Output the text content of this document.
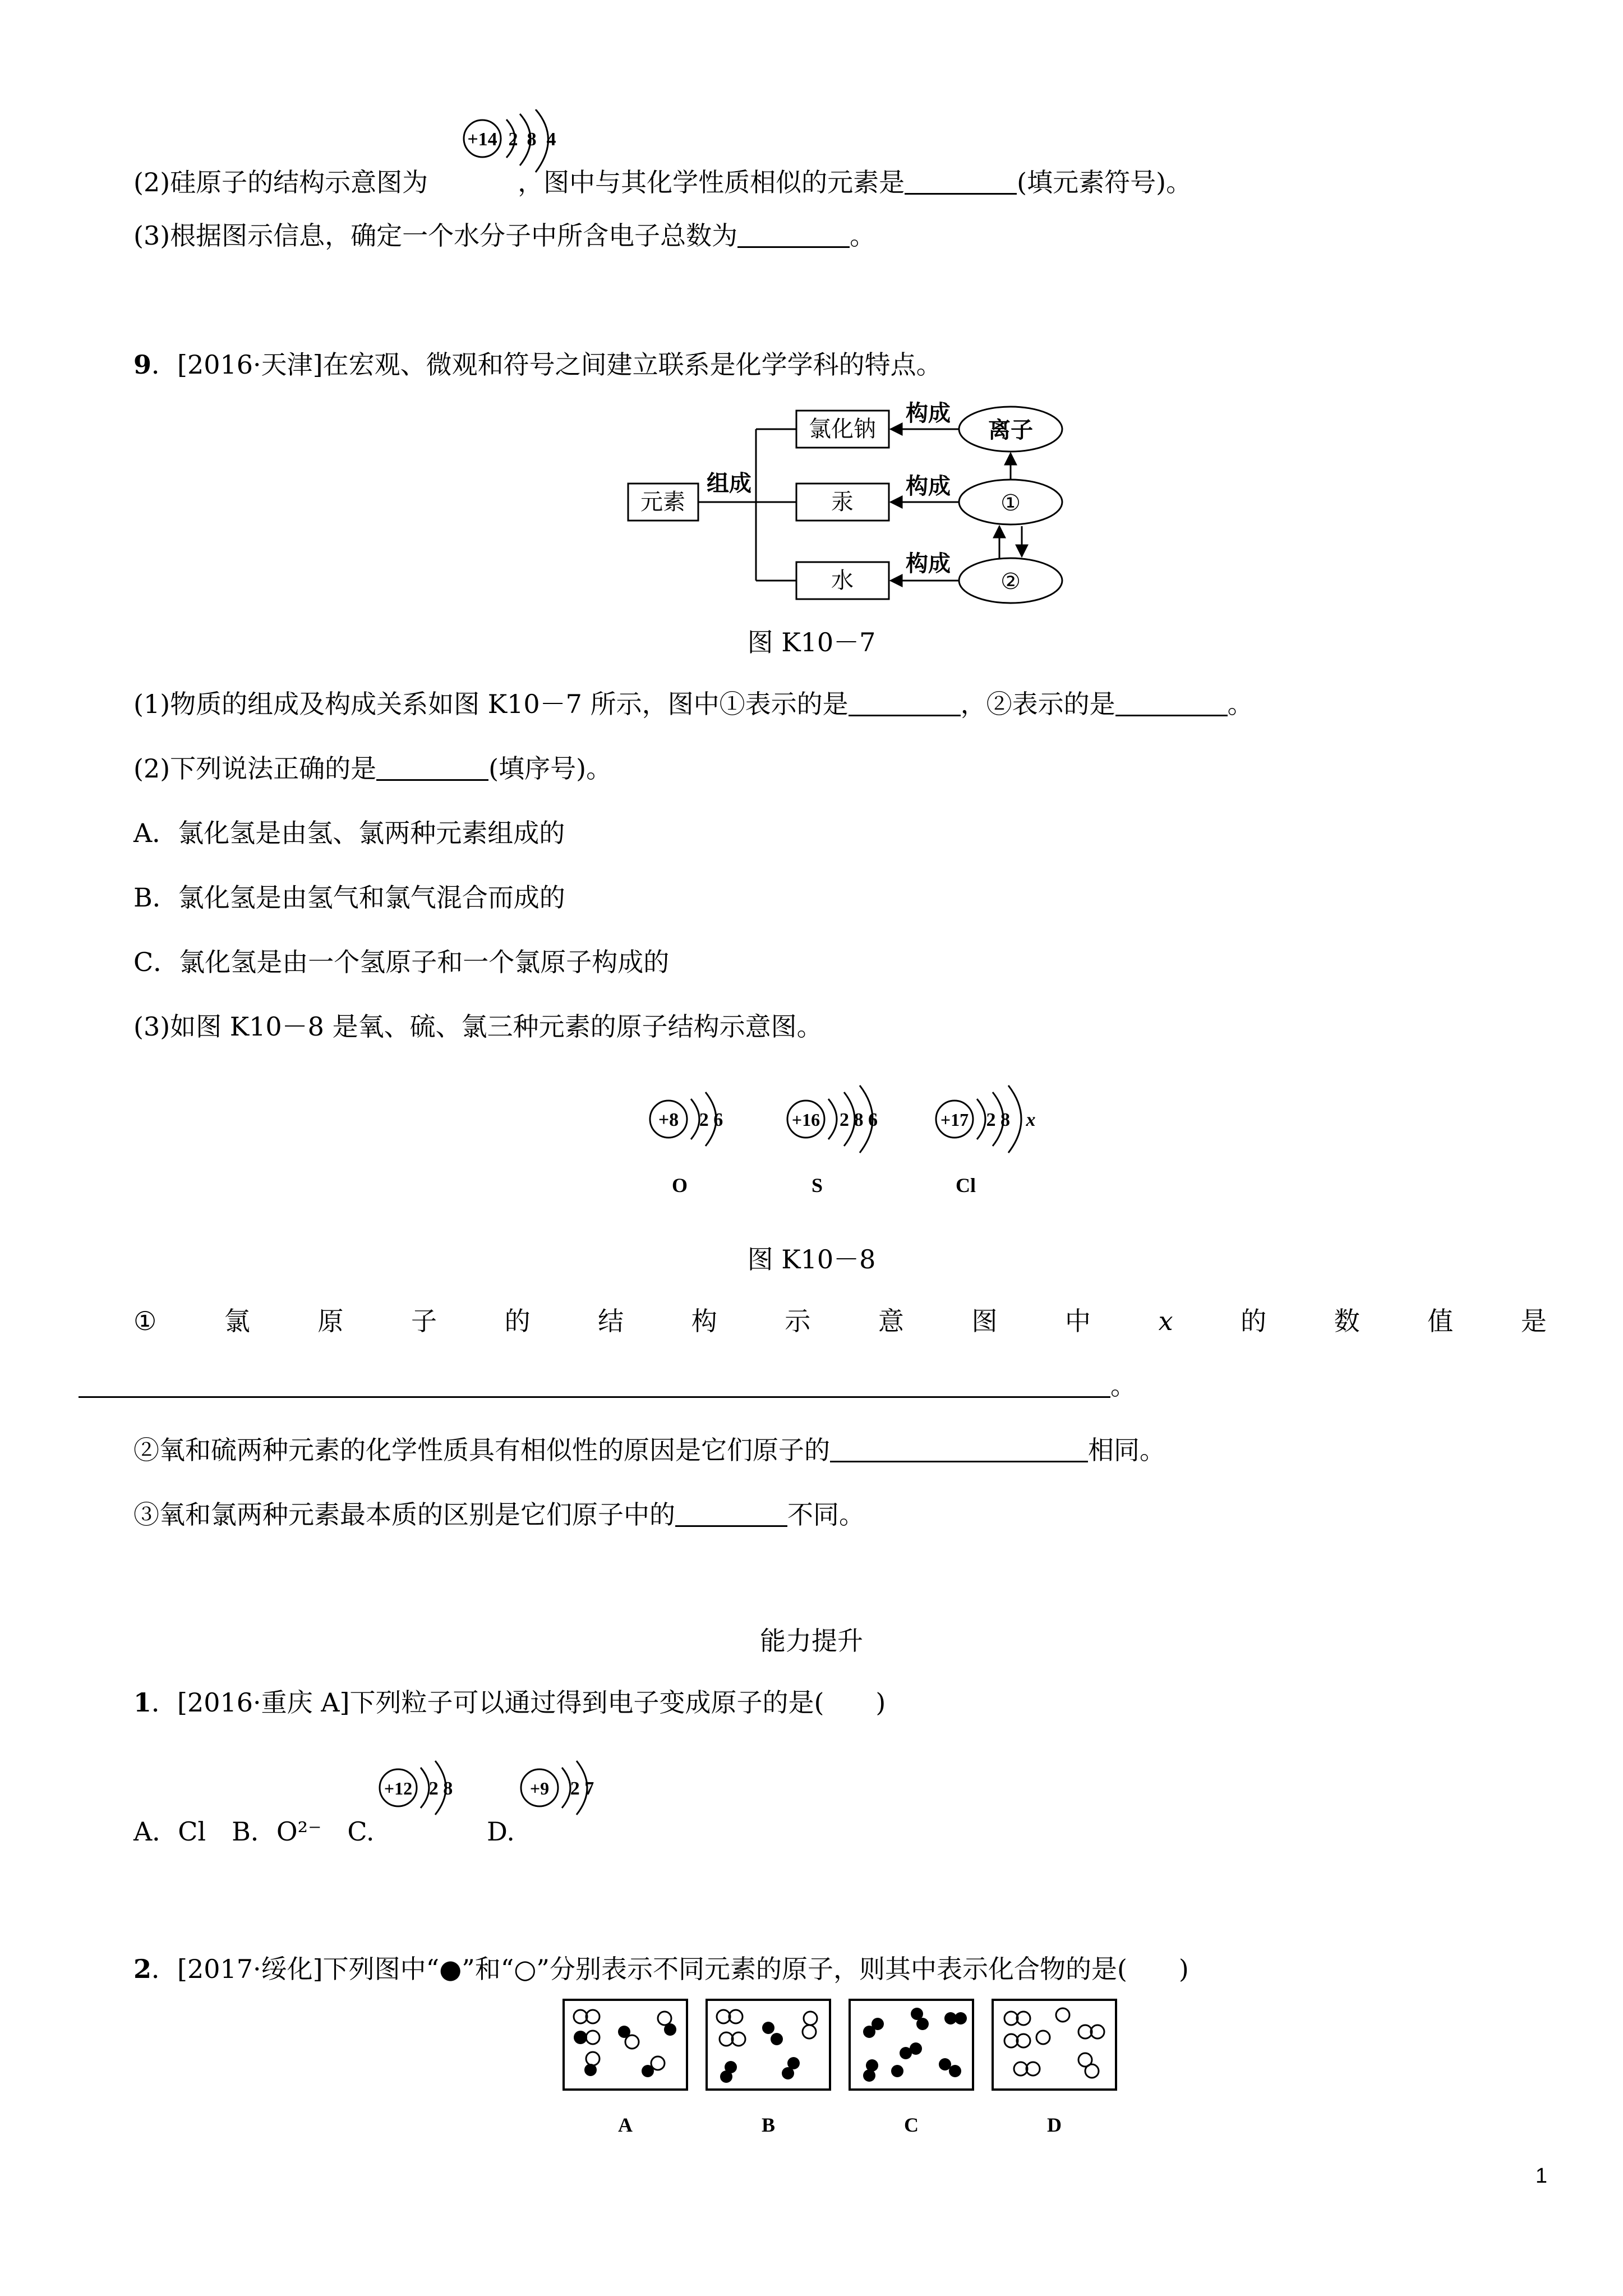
(2)硅原子的结构示意图为	，图中与其化学性质相似的元素是	(填元素符号)。
+14 2 8 4
(3)根据图示信息，确定一个水分子中所含电子总数为	。
9．[2016·天津]在宏观、微观和符号之间建立联系是化学学科的特点。
元素
组成
氯化钠
汞
水
构成
构成
构成
离子
①
②
图 K10－7
(1)物质的组成及构成关系如图 K10－7 所示，图中①表示的是	，②表示的是	。
(2)下列说法正确的是	(填序号)。
A．氯化氢是由氢、氯两种元素组成的
B．氯化氢是由氢气和氯气混合而成的
C．氯化氢是由一个氢原子和一个氯原子构成的
(3)如图 K10－8 是氧、硫、氯三种元素的原子结构示意图。
+8 2 6
O
+16 2 8 6
S
+17 2 8 x
Cl
图 K10－8
①	氯	原	子	的	结	构	示	意	图	中	x	的	数	值	是
。
②氧和硫两种元素的化学性质具有相似性的原因是它们原子的	相同。
③氧和氯两种元素最本质的区别是它们原子中的	不同。
能力提升
1．[2016·重庆 A]下列粒子可以通过得到电子变成原子的是(　　)
A．Cl　B．O²⁻　C.	D.
+12 2 8	+9 2 7
2．[2017·绥化]下列图中“●”和“○”分别表示不同元素的原子，则其中表示化合物的是(　　)
A	B	C	D
1
